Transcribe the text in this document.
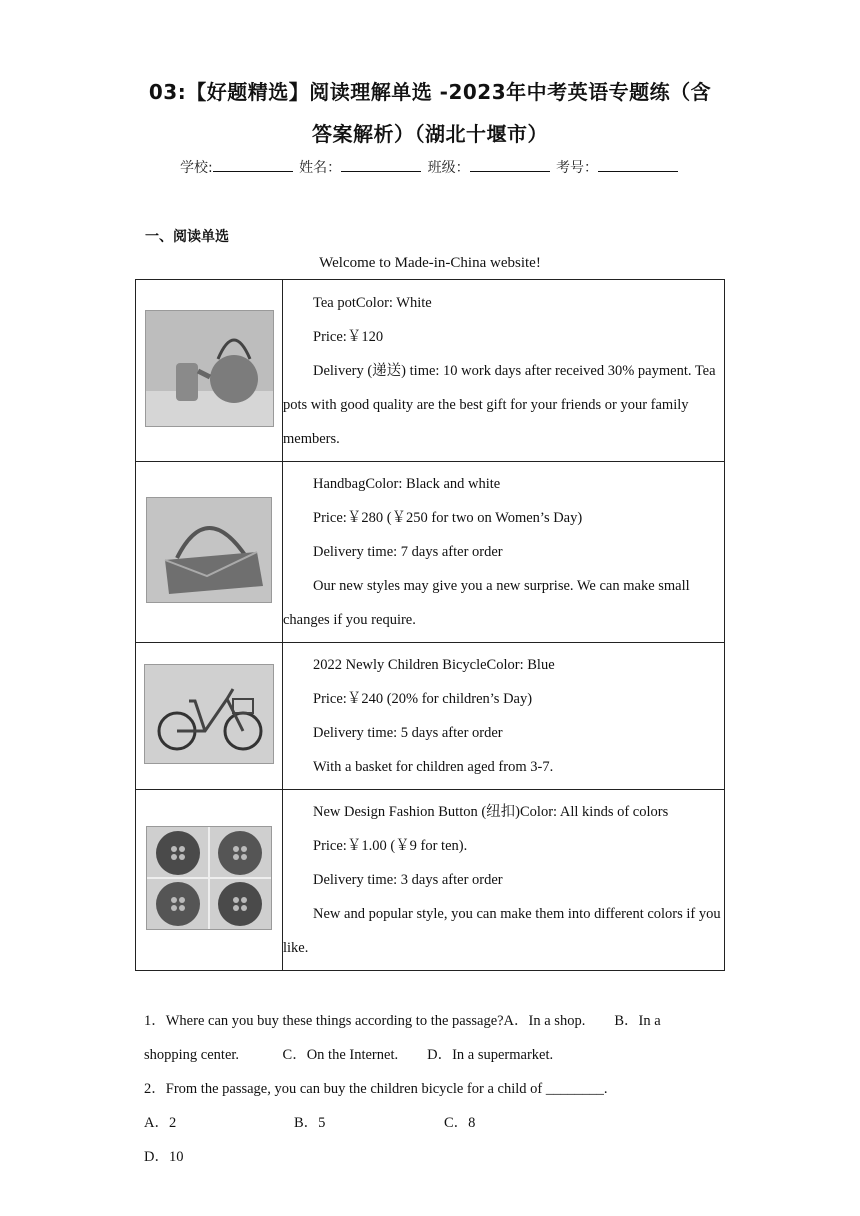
03:【好题精选】阅读理解单选 -2023年中考英语专题练（含
答案解析）（湖北十堰市）
学校:	姓名：	班级：	考号：
一、阅读单选
Welcome to Made-in-China website!

Tea potColor: White

Price:￥120

Delivery (递送) time: 10 work days after received 30% payment. Tea pots with good quality are the best gift for your friends or your family members.

HandbagColor: Black and white

Price:￥280 (￥250 for two on Women’s Day)

Delivery time: 7 days after order

Our new styles may give you a new surprise. We can make small changes if you require.

2022 Newly Children BicycleColor: Blue

Price:￥240 (20% for children’s Day)

Delivery time: 5 days after order

With a basket for children aged from 3-7.

New Design Fashion Button (纽扣)Color: All kinds of colors

Price:￥1.00 (￥9 for ten).

Delivery time: 3 days after order

New and popular style, you can make them into different colors if you like.

1．Where can you buy these things according to the passage?A．In a shop.　　B．In a shopping center.　　　C．On the Internet.　　D．In a supermarket.
2．From the passage, you can buy the children bicycle for a child of ________.
A．2	B．5	C．8D．10
